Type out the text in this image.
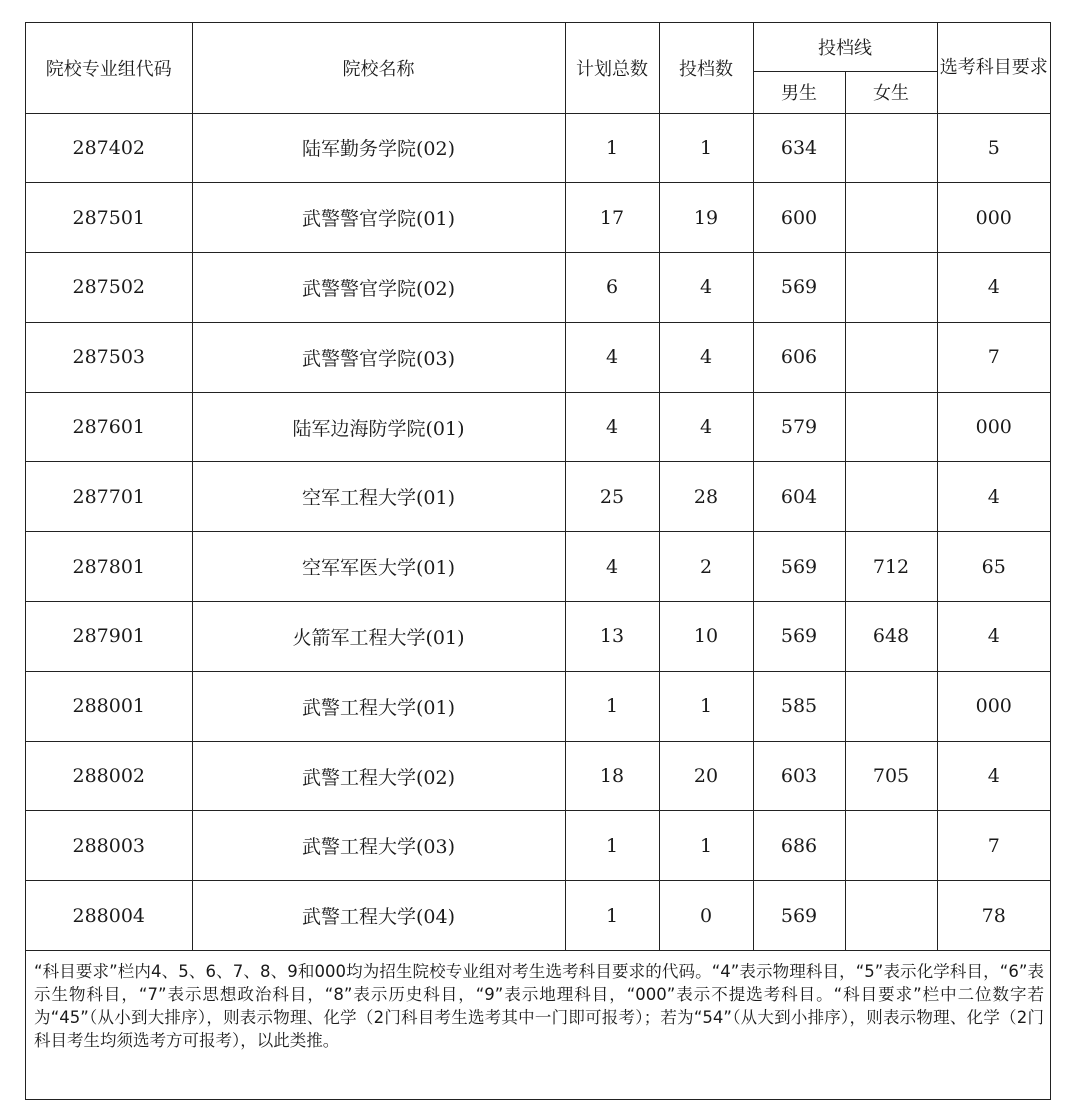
院校专业组代码	院校名称	计划总数	投档数	投档线		选考科目要求
				男生	女生	
287402	陆军勤务学院(02)	1	1	634		5
287501	武警警官学院(01)	17	19	600		000
287502	武警警官学院(02)	6	4	569		4
287503	武警警官学院(03)	4	4	606		7
287601	陆军边海防学院(01)	4	4	579		000
287701	空军工程大学(01)	25	28	604		4
287801	空军军医大学(01)	4	2	569	712	65
287901	火箭军工程大学(01)	13	10	569	648	4
288001	武警工程大学(01)	1	1	585		000
288002	武警工程大学(02)	18	20	603	705	4
288003	武警工程大学(03)	1	1	686		7
288004	武警工程大学(04)	1	0	569		78
“科目要求”栏内4、5、6、7、8、9和000均为招生院校专业组对考生选考科目要求的代码。“4”表示物理科目，“5”表示化学科目，“6”表示生物科目，“7”表示思想政治科目，“8”表示历史科目，“9”表示地理科目，“000”表示不提选考科目。“科目要求”栏中二位数字若为“45”（从小到大排序），则表示物理、化学（2门科目考生选考其中一门即可报考）；若为“54”（从大到小排序），则表示物理、化学（2门科目考生均须选考方可报考），以此类推。
